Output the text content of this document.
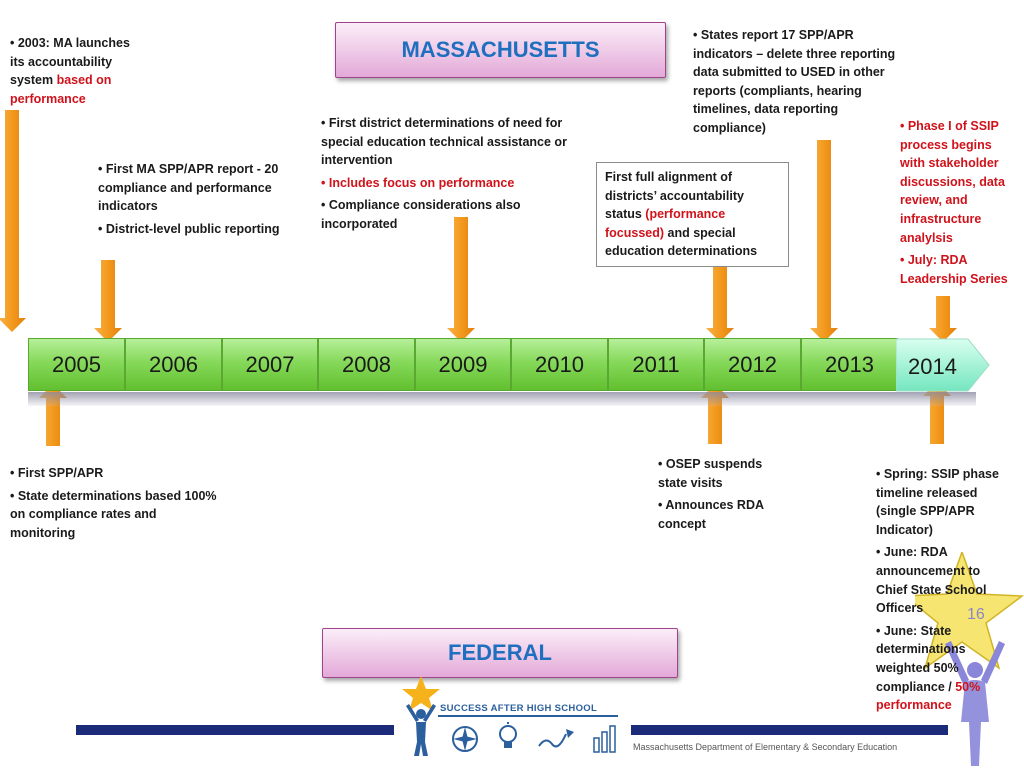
MASSACHUSETTS
FEDERAL
2005	2006	2007	2008	2009	2010	2011	2012	2013	2014
• 2003: MA launches
its accountability
system based on
performance

• First MA SPP/APR report - 20 compliance and performance indicators

• District-level public reporting

• First district determinations of need for special education technical assistance or intervention

• Includes focus on performance

• Compliance considerations also incorporated

First full alignment of districts’ accountability status (performance focussed) and special education determinations

• States report 17 SPP/APR indicators – delete three reporting data submitted to USED in other reports (compliants, hearing timelines, data reporting compliance)	• Phase I of SSIP process begins with stakeholder discussions, data review, and infrastructure analylsis

• July: RDA Leadership Series

• First SPP/APR

• State determinations based 100% on compliance rates and monitoring

• OSEP suspends state visits

• Announces RDA concept

16

• Spring: SSIP phase timeline released (single SPP/APR Indicator)

• June: RDA announcement to Chief State School Officers

• June: State determinations weighted 50% compliance / 50% performance

SUCCESS AFTER HIGH SCHOOL
Massachusetts Department of Elementary & Secondary Education
